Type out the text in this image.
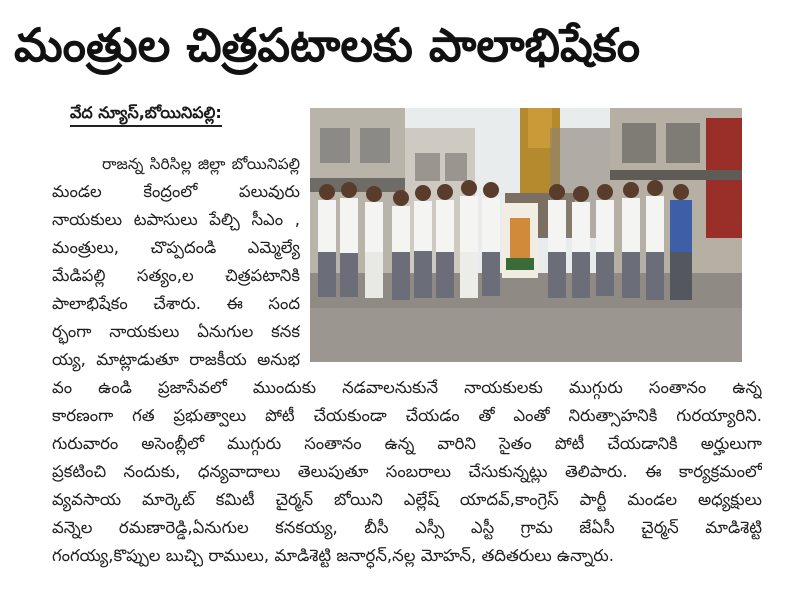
మంత్రుల చిత్రపటాలకు పాలాభిషేకం
వేద న్యూస్,బోయినిపల్లి:
రాజన్న సిరిసిల్ల జిల్లా బోయినిపల్లి
మండల కేంద్రంలో పలువురు
నాయకులు టపాసులు పేల్చి సీఎం ,
మంత్రులు, చొప్పదండి ఎమ్మెల్యే
మేడిపల్లి సత్యం,ల చిత్రపటానికి
పాలాభిషేకం చేశారు. ఈ సంద
ర్భంగా నాయకులు ఏనుగుల కనక
య్య, మాట్లాడుతూ రాజకీయ అనుభ
వం ఉండి ప్రజాసేవలో ముందుకు నడవాలనుకునే నాయకులకు ముగ్గురు సంతానం ఉన్న
కారణంగా గత ప్రభుత్వాలు పోటీ చేయకుండా చేయడం తో ఎంతో నిరుత్సాహనికి గురయ్యారిని.
గురువారం అసెంబ్లీలో ముగ్గురు సంతానం ఉన్న వారిని సైతం పోటీ చేయడానికి అర్హులుగా
ప్రకటించి నందుకు, ధన్యవాదాలు తెలుపుతూ సంబరాలు చేసుకున్నట్లు తెలిపారు. ఈ కార్యక్రమంలో
వ్యవసాయ మార్కెట్ కమిటీ చైర్మన్ బోయిని ఎల్లేష్ యాదవ్,కాంగ్రెస్ పార్టీ మండల అధ్యక్షులు
వన్నెల రమణారెడ్డి,ఏనుగుల కనకయ్య, బీసీ ఎస్సీ ఎస్టీ గ్రామ జేఏసీ చైర్మన్ మాడిశెట్టి
గంగయ్య,కొప్పుల బుచ్చి రాములు, మాడిశెట్టి జనార్ధన్,నల్ల మోహన్, తదితరులు ఉన్నారు.
